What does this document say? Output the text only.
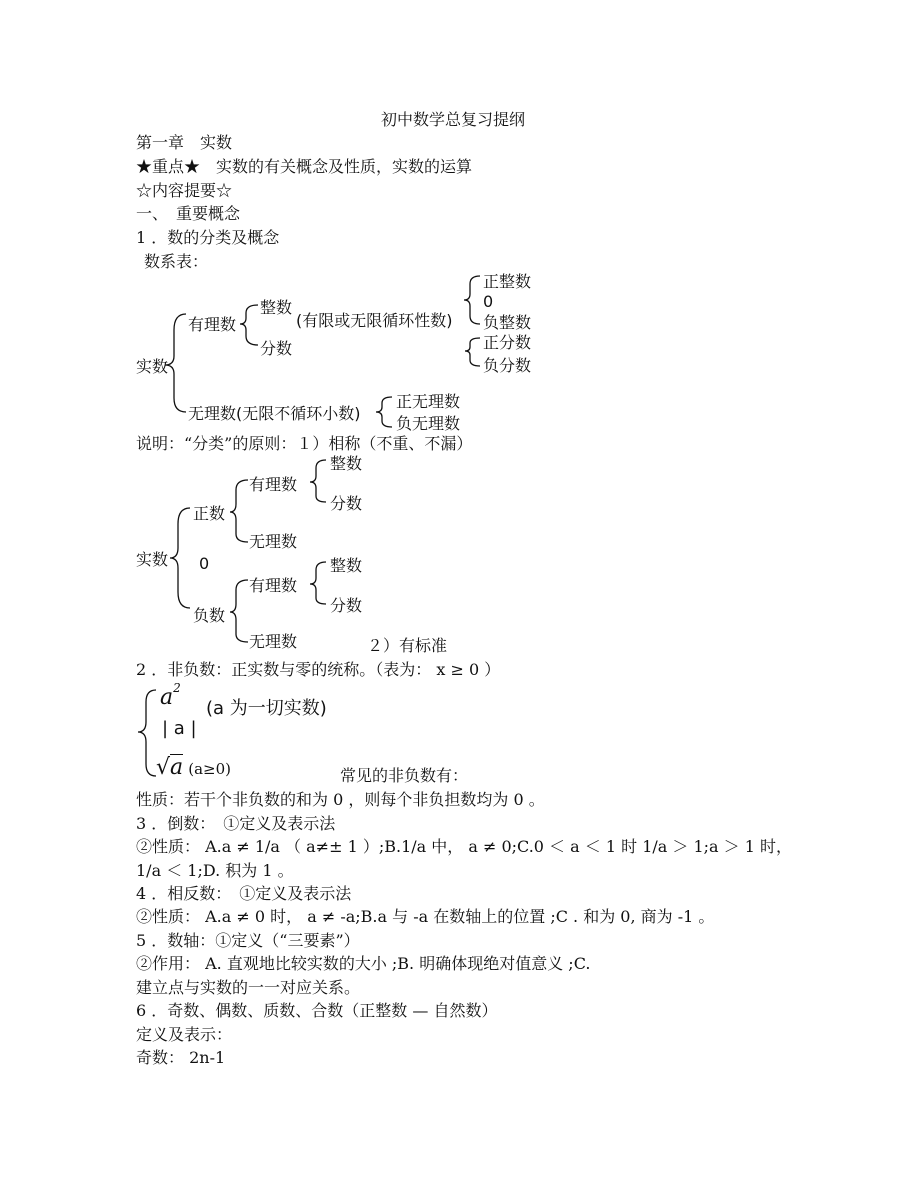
初中数学总复习提纲
第一章　实数
★重点★　实数的有关概念及性质，实数的运算
☆内容提要☆
一、　重要概念
1 ．数的分类及概念
数系表：
实数
有理数
整数
(有限或无限循环性数)
正整数
0
负整数
分数	正分数
负分数
无理数(无限不循环小数)
正无理数
负无理数
说明：“分类”的原则：１）相称（不重、不漏）
实数
正数
有理数
整数
分数
无理数
0
负数
有理数
整数
分数
无理数	２）有标准
2 ．非负数：正实数与零的统称。（表为： x ≥ 0 ）
$a^2$
| a |
(a 为一切实数)
√a (a≥0)	常见的非负数有：
性质：若干个非负数的和为 0 ，则每个非负担数均为 0 。
3 ．倒数：　①定义及表示法
②性质： A.a ≠ 1/a （ a≠± 1 ）;B.1/a 中， a ≠ 0;C.0 ＜ a ＜ 1 时 1/a ＞ 1;a ＞ 1 时，
1/a ＜ 1;D. 积为 1 。
4 ．相反数：　①定义及表示法
②性质： A.a ≠ 0 时， a ≠ -a;B.a 与 -a 在数轴上的位置 ;C . 和为 0, 商为 -1 。
5 ．数轴：①定义（“三要素”）
②作用： A. 直观地比较实数的大小 ;B. 明确体现绝对值意义 ;C.
建立点与实数的一一对应关系。
6 ．奇数、偶数、质数、合数（正整数 — 自然数）
定义及表示：
奇数： 2n-1
